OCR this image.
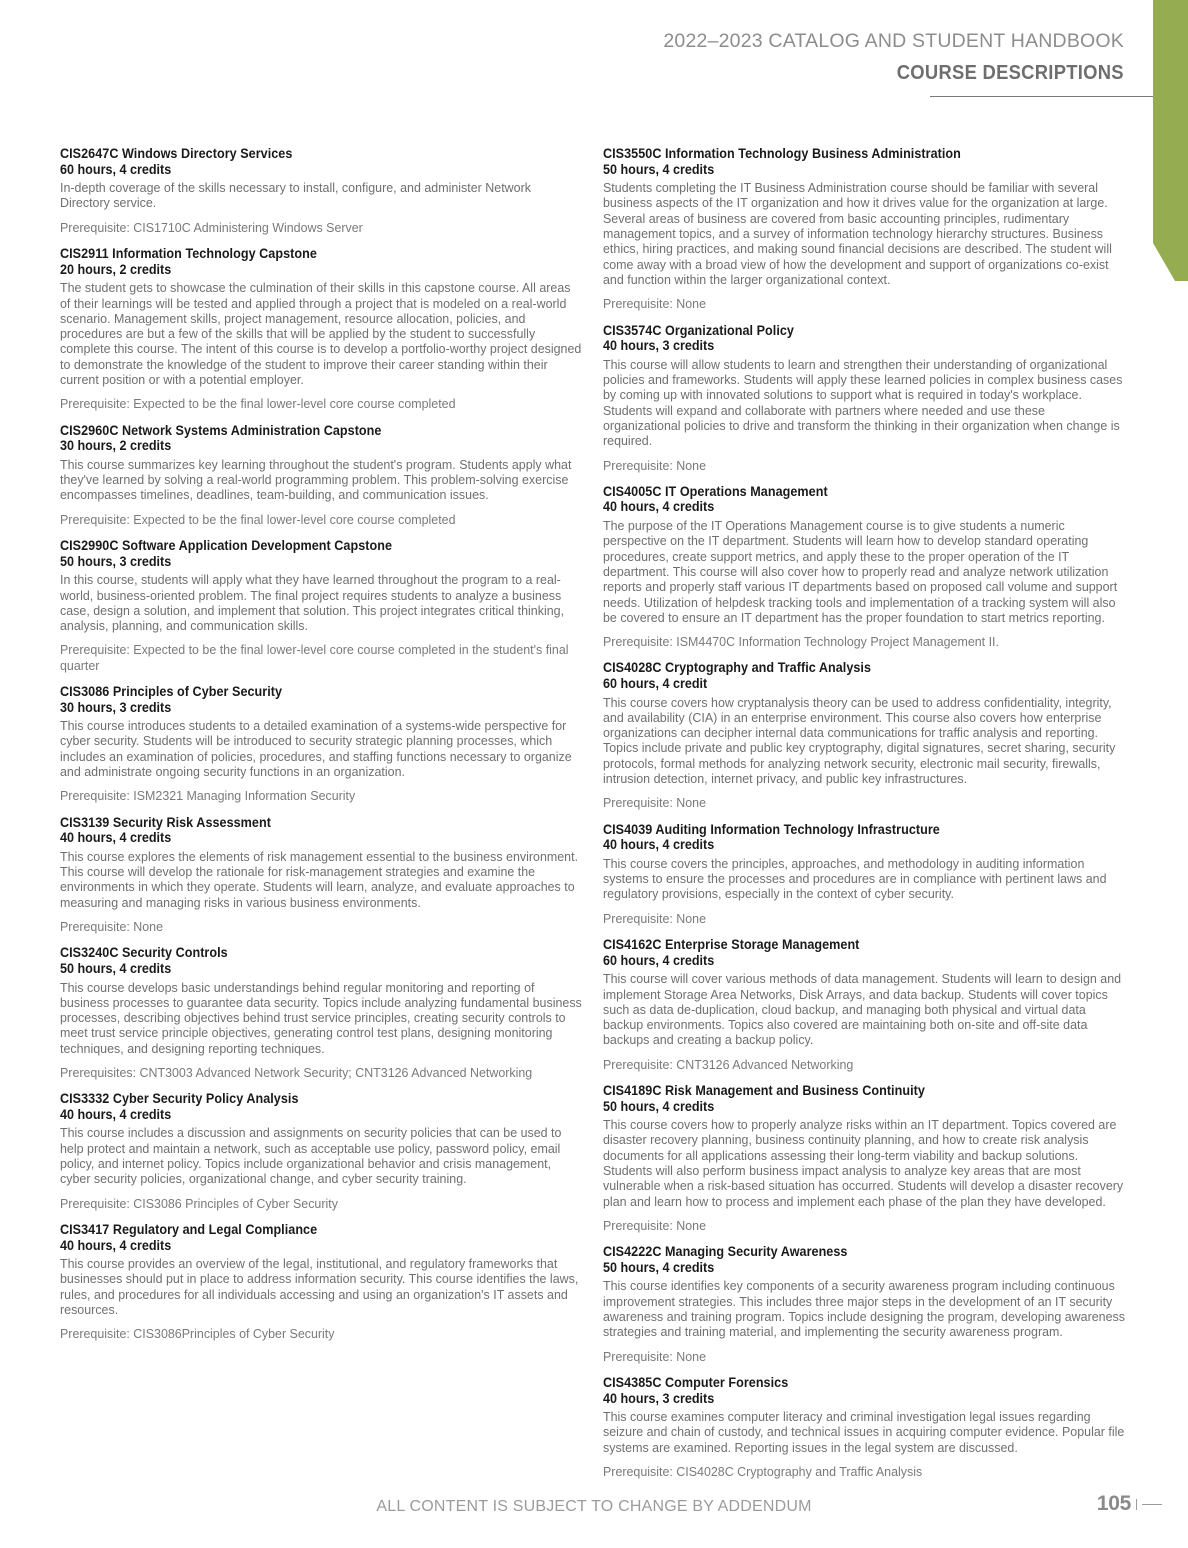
2022–2023 CATALOG AND STUDENT HANDBOOK
COURSE DESCRIPTIONS
CIS2647C Windows Directory Services
60 hours, 4 credits

In-depth coverage of the skills necessary to install, configure, and administer Network Directory service.

Prerequisite: CIS1710C Administering Windows Server

CIS2911 Information Technology Capstone
20 hours, 2 credits

The student gets to showcase the culmination of their skills in this capstone course. All areas of their learnings will be tested and applied through a project that is modeled on a real-world scenario. Management skills, project management, resource allocation, policies, and procedures are but a few of the skills that will be applied by the student to successfully complete this course. The intent of this course is to develop a portfolio-worthy project designed to demonstrate the knowledge of the student to improve their career standing within their current position or with a potential employer.

Prerequisite: Expected to be the final lower-level core course completed

CIS2960C Network Systems Administration Capstone
30 hours, 2 credits

This course summarizes key learning throughout the student's program. Students apply what they've learned by solving a real-world programming problem. This problem-solving exercise encompasses timelines, deadlines, team-building, and communication issues.

Prerequisite: Expected to be the final lower-level core course completed

CIS2990C Software Application Development Capstone
50 hours, 3 credits

In this course, students will apply what they have learned throughout the program to a real-world, business-oriented problem. The final project requires students to analyze a business case, design a solution, and implement that solution. This project integrates critical thinking, analysis, planning, and communication skills.

Prerequisite: Expected to be the final lower-level core course completed in the student's final quarter

CIS3086 Principles of Cyber Security
30 hours, 3 credits

This course introduces students to a detailed examination of a systems-wide perspective for cyber security. Students will be introduced to security strategic planning processes, which includes an examination of policies, procedures, and staffing functions necessary to organize and administrate ongoing security functions in an organization.

Prerequisite: ISM2321 Managing Information Security

CIS3139 Security Risk Assessment
40 hours, 4 credits

This course explores the elements of risk management essential to the business environment. This course will develop the rationale for risk-management strategies and examine the environments in which they operate. Students will learn, analyze, and evaluate approaches to measuring and managing risks in various business environments.

Prerequisite: None

CIS3240C Security Controls
50 hours, 4 credits

This course develops basic understandings behind regular monitoring and reporting of business processes to guarantee data security. Topics include analyzing fundamental business processes, describing objectives behind trust service principles, creating security controls to meet trust service principle objectives, generating control test plans, designing monitoring techniques, and designing reporting techniques.

Prerequisites: CNT3003 Advanced Network Security; CNT3126 Advanced Networking

CIS3332 Cyber Security Policy Analysis
40 hours, 4 credits

This course includes a discussion and assignments on security policies that can be used to help protect and maintain a network, such as acceptable use policy, password policy, email policy, and internet policy. Topics include organizational behavior and crisis management, cyber security policies, organizational change, and cyber security training.

Prerequisite: CIS3086 Principles of Cyber Security

CIS3417 Regulatory and Legal Compliance
40 hours, 4 credits

This course provides an overview of the legal, institutional, and regulatory frameworks that businesses should put in place to address information security. This course identifies the laws, rules, and procedures for all individuals accessing and using an organization's IT assets and resources.

Prerequisite: CIS3086Principles of Cyber Security

CIS3550C Information Technology Business Administration
50 hours, 4 credits

Students completing the IT Business Administration course should be familiar with several business aspects of the IT organization and how it drives value for the organization at large. Several areas of business are covered from basic accounting principles, rudimentary management topics, and a survey of information technology hierarchy structures. Business ethics, hiring practices, and making sound financial decisions are described. The student will come away with a broad view of how the development and support of organizations co-exist and function within the larger organizational context.

Prerequisite: None

CIS3574C Organizational Policy
40 hours, 3 credits

This course will allow students to learn and strengthen their understanding of organizational policies and frameworks. Students will apply these learned policies in complex business cases by coming up with innovated solutions to support what is required in today's workplace. Students will expand and collaborate with partners where needed and use these organizational policies to drive and transform the thinking in their organization when change is required.

Prerequisite: None

CIS4005C IT Operations Management
40 hours, 4 credits

The purpose of the IT Operations Management course is to give students a numeric perspective on the IT department. Students will learn how to develop standard operating procedures, create support metrics, and apply these to the proper operation of the IT department. This course will also cover how to properly read and analyze network utilization reports and properly staff various IT departments based on proposed call volume and support needs. Utilization of helpdesk tracking tools and implementation of a tracking system will also be covered to ensure an IT department has the proper foundation to start metrics reporting.

Prerequisite: ISM4470C Information Technology Project Management II.

CIS4028C Cryptography and Traffic Analysis
60 hours, 4 credit

This course covers how cryptanalysis theory can be used to address confidentiality, integrity, and availability (CIA) in an enterprise environment. This course also covers how enterprise organizations can decipher internal data communications for traffic analysis and reporting. Topics include private and public key cryptography, digital signatures, secret sharing, security protocols, formal methods for analyzing network security, electronic mail security, firewalls, intrusion detection, internet privacy, and public key infrastructures.

Prerequisite: None

CIS4039 Auditing Information Technology Infrastructure
40 hours, 4 credits

This course covers the principles, approaches, and methodology in auditing information systems to ensure the processes and procedures are in compliance with pertinent laws and regulatory provisions, especially in the context of cyber security.

Prerequisite: None

CIS4162C Enterprise Storage Management
60 hours, 4 credits

This course will cover various methods of data management. Students will learn to design and implement Storage Area Networks, Disk Arrays, and data backup. Students will cover topics such as data de-duplication, cloud backup, and managing both physical and virtual data backup environments. Topics also covered are maintaining both on-site and off-site data backups and creating a backup policy.

Prerequisite: CNT3126 Advanced Networking

CIS4189C Risk Management and Business Continuity
50 hours, 4 credits

This course covers how to properly analyze risks within an IT department. Topics covered are disaster recovery planning, business continuity planning, and how to create risk analysis documents for all applications assessing their long-term viability and backup solutions. Students will also perform business impact analysis to analyze key areas that are most vulnerable when a risk-based situation has occurred. Students will develop a disaster recovery plan and learn how to process and implement each phase of the plan they have developed.

Prerequisite: None

CIS4222C Managing Security Awareness
50 hours, 4 credits

This course identifies key components of a security awareness program including continuous improvement strategies. This includes three major steps in the development of an IT security awareness and training program. Topics include designing the program, developing awareness strategies and training material, and implementing the security awareness program.

Prerequisite: None

CIS4385C Computer Forensics
40 hours, 3 credits

This course examines computer literacy and criminal investigation legal issues regarding seizure and chain of custody, and technical issues in acquiring computer evidence. Popular file systems are examined. Reporting issues in the legal system are discussed.

Prerequisite: CIS4028C Cryptography and Traffic Analysis

ALL CONTENT IS SUBJECT TO CHANGE BY ADDENDUM	105
